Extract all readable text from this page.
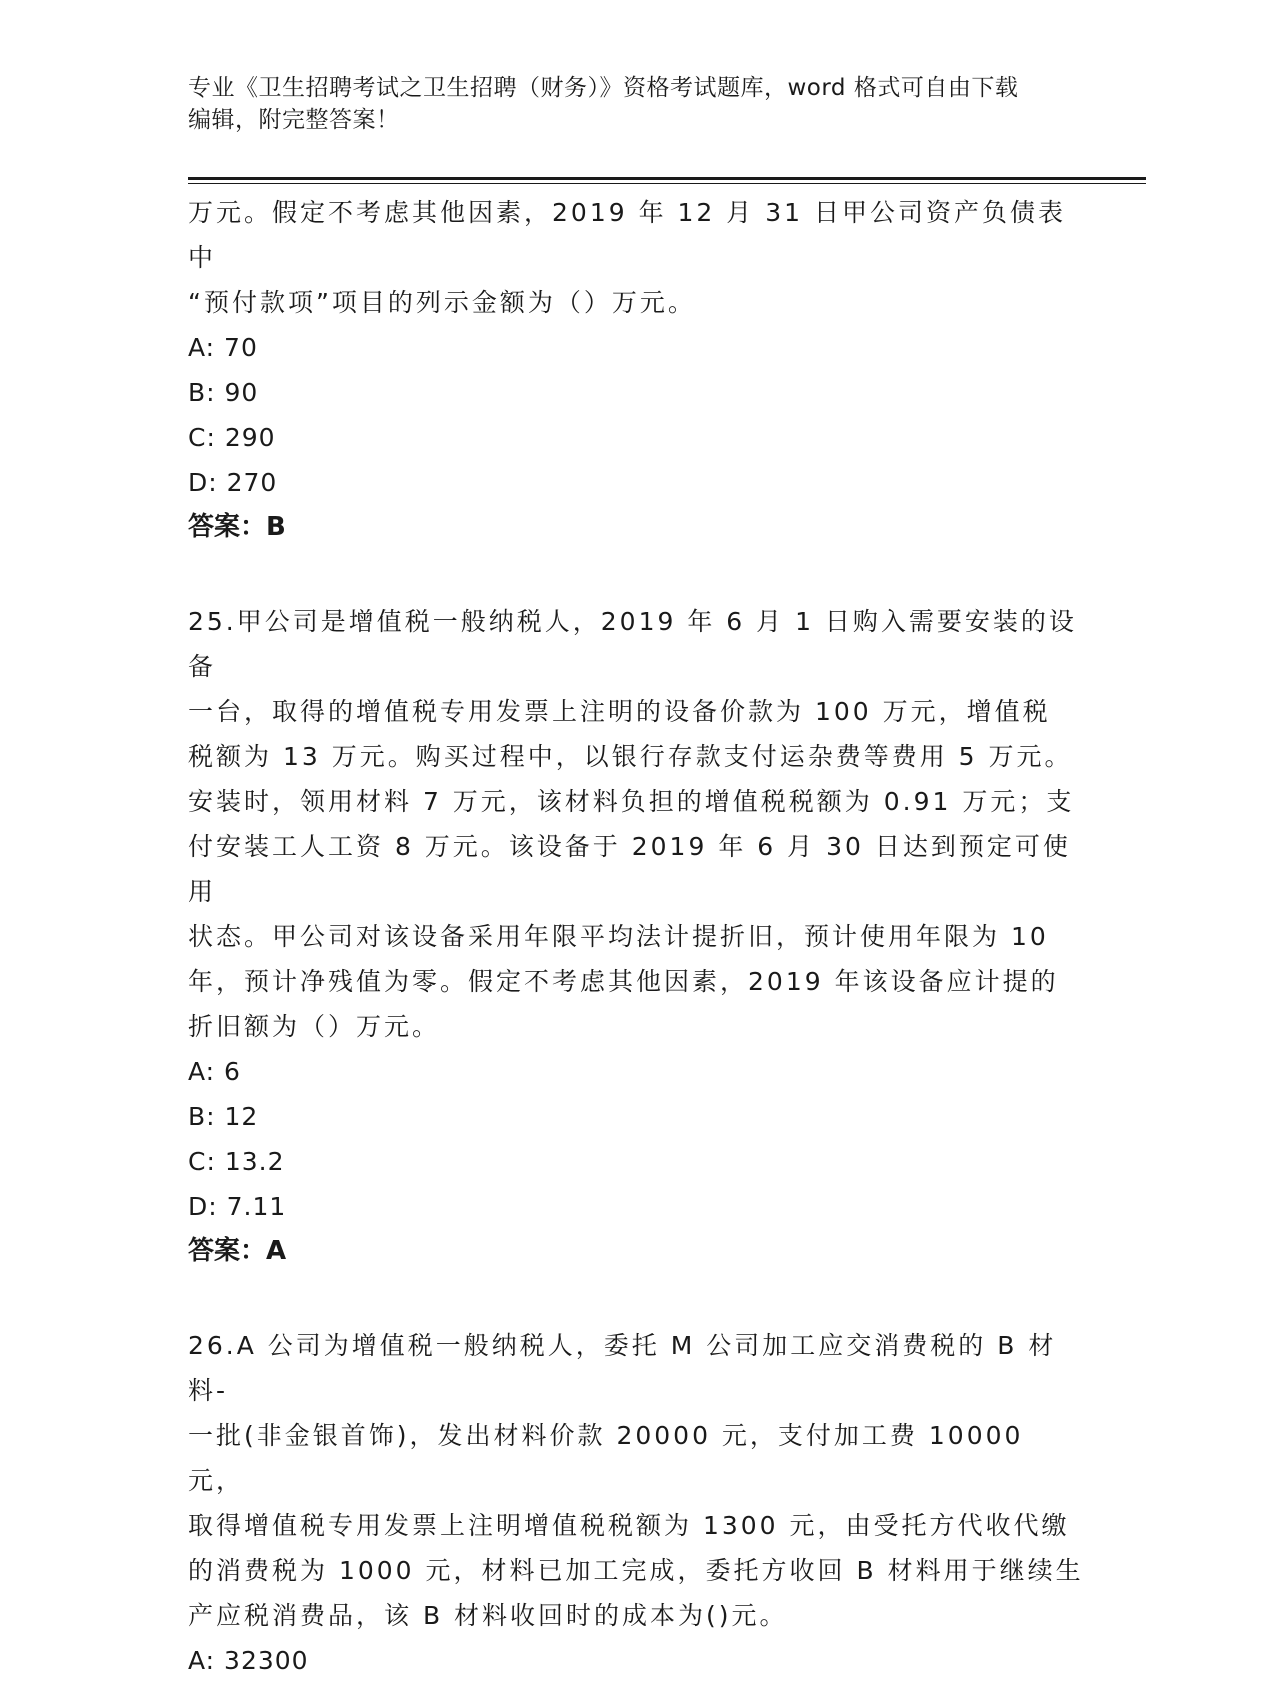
专业《卫生招聘考试之卫生招聘（财务）》资格考试题库，word 格式可自由下载
编辑，附完整答案！

万元。假定不考虑其他因素，2019 年 12 月 31 日甲公司资产负债表中

“预付款项”项目的列示金额为（）万元。

A: 70

B: 90

C: 290

D: 270

答案：B

25.甲公司是增值税一般纳税人，2019 年 6 月 1 日购入需要安装的设备

一台，取得的增值税专用发票上注明的设备价款为 100 万元，增值税

税额为 13 万元。购买过程中，以银行存款支付运杂费等费用 5 万元。

安装时，领用材料 7 万元，该材料负担的增值税税额为 0.91 万元；支

付安装工人工资 8 万元。该设备于 2019 年 6 月 30 日达到预定可使用

状态。甲公司对该设备采用年限平均法计提折旧，预计使用年限为 10

年，预计净残值为零。假定不考虑其他因素，2019 年该设备应计提的

折旧额为（）万元。

A: 6

B: 12

C: 13.2

D: 7.11

答案：A

26.A 公司为增值税一般纳税人，委托 M 公司加工应交消费税的 B 材料-

一批(非金银首饰)，发出材料价款 20000 元，支付加工费 10000 元，

取得增值税专用发票上注明增值税税额为 1300 元，由受托方代收代缴

的消费税为 1000 元，材料已加工完成，委托方收回 B 材料用于继续生

产应税消费品，该 B 材料收回时的成本为()元。

A: 32300
